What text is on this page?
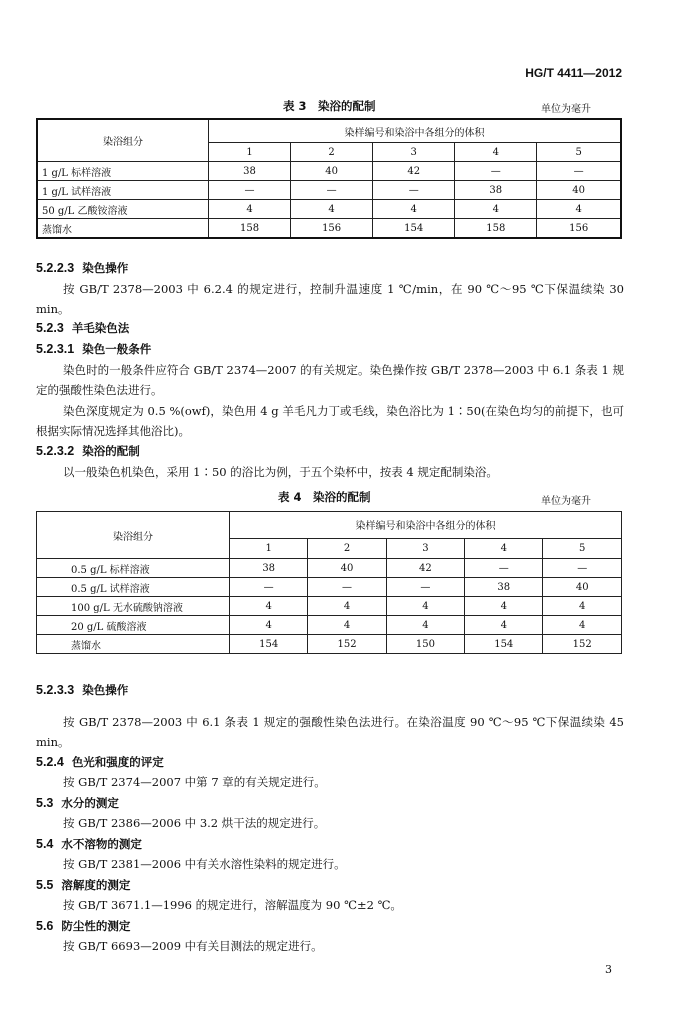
HG/T 4411—2012
表 3　染浴的配制	单位为毫升
染浴组分	染样编号和染浴中各组分的体积				
	1	2	3	4	5
1 g/L 标样溶液	38	40	42	—	—
1 g/L 试样溶液	—	—	—	38	40
50 g/L 乙酸铵溶液	4	4	4	4	4
蒸馏水	158	156	154	158	156
5.2.2.3 染色操作
按 GB/T 2378—2003 中 6.2.4 的规定进行，控制升温速度 1 ℃/min，在 90 ℃～95 ℃下保温续染 30 min。
5.2.3 羊毛染色法
5.2.3.1 染色一般条件
染色时的一般条件应符合 GB/T 2374—2007 的有关规定。染色操作按 GB/T 2378—2003 中 6.1 条表 1 规定的强酸性染色法进行。
染色深度规定为 0.5 %(owf)，染色用 4 g 羊毛凡力丁或毛线，染色浴比为 1∶50(在染色均匀的前提下，也可根据实际情况选择其他浴比)。
5.2.3.2 染浴的配制
以一般染色机染色，采用 1∶50 的浴比为例，于五个染杯中，按表 4 规定配制染浴。
表 4　染浴的配制	单位为毫升
染浴组分	染样编号和染浴中各组分的体积				
	1	2	3	4	5
0.5 g/L 标样溶液	38	40	42	—	—
0.5 g/L 试样溶液	—	—	—	38	40
100 g/L 无水硫酸钠溶液	4	4	4	4	4
20 g/L 硫酸溶液	4	4	4	4	4
蒸馏水	154	152	150	154	152
5.2.3.3 染色操作
按 GB/T 2378—2003 中 6.1 条表 1 规定的强酸性染色法进行。在染浴温度 90 ℃～95 ℃下保温续染 45 min。
5.2.4 色光和强度的评定
按 GB/T 2374—2007 中第 7 章的有关规定进行。
5.3 水分的测定
按 GB/T 2386—2006 中 3.2 烘干法的规定进行。
5.4 水不溶物的测定
按 GB/T 2381—2006 中有关水溶性染料的规定进行。
5.5 溶解度的测定
按 GB/T 3671.1—1996 的规定进行，溶解温度为 90 ℃±2 ℃。
5.6 防尘性的测定
按 GB/T 6693—2009 中有关目测法的规定进行。
3
